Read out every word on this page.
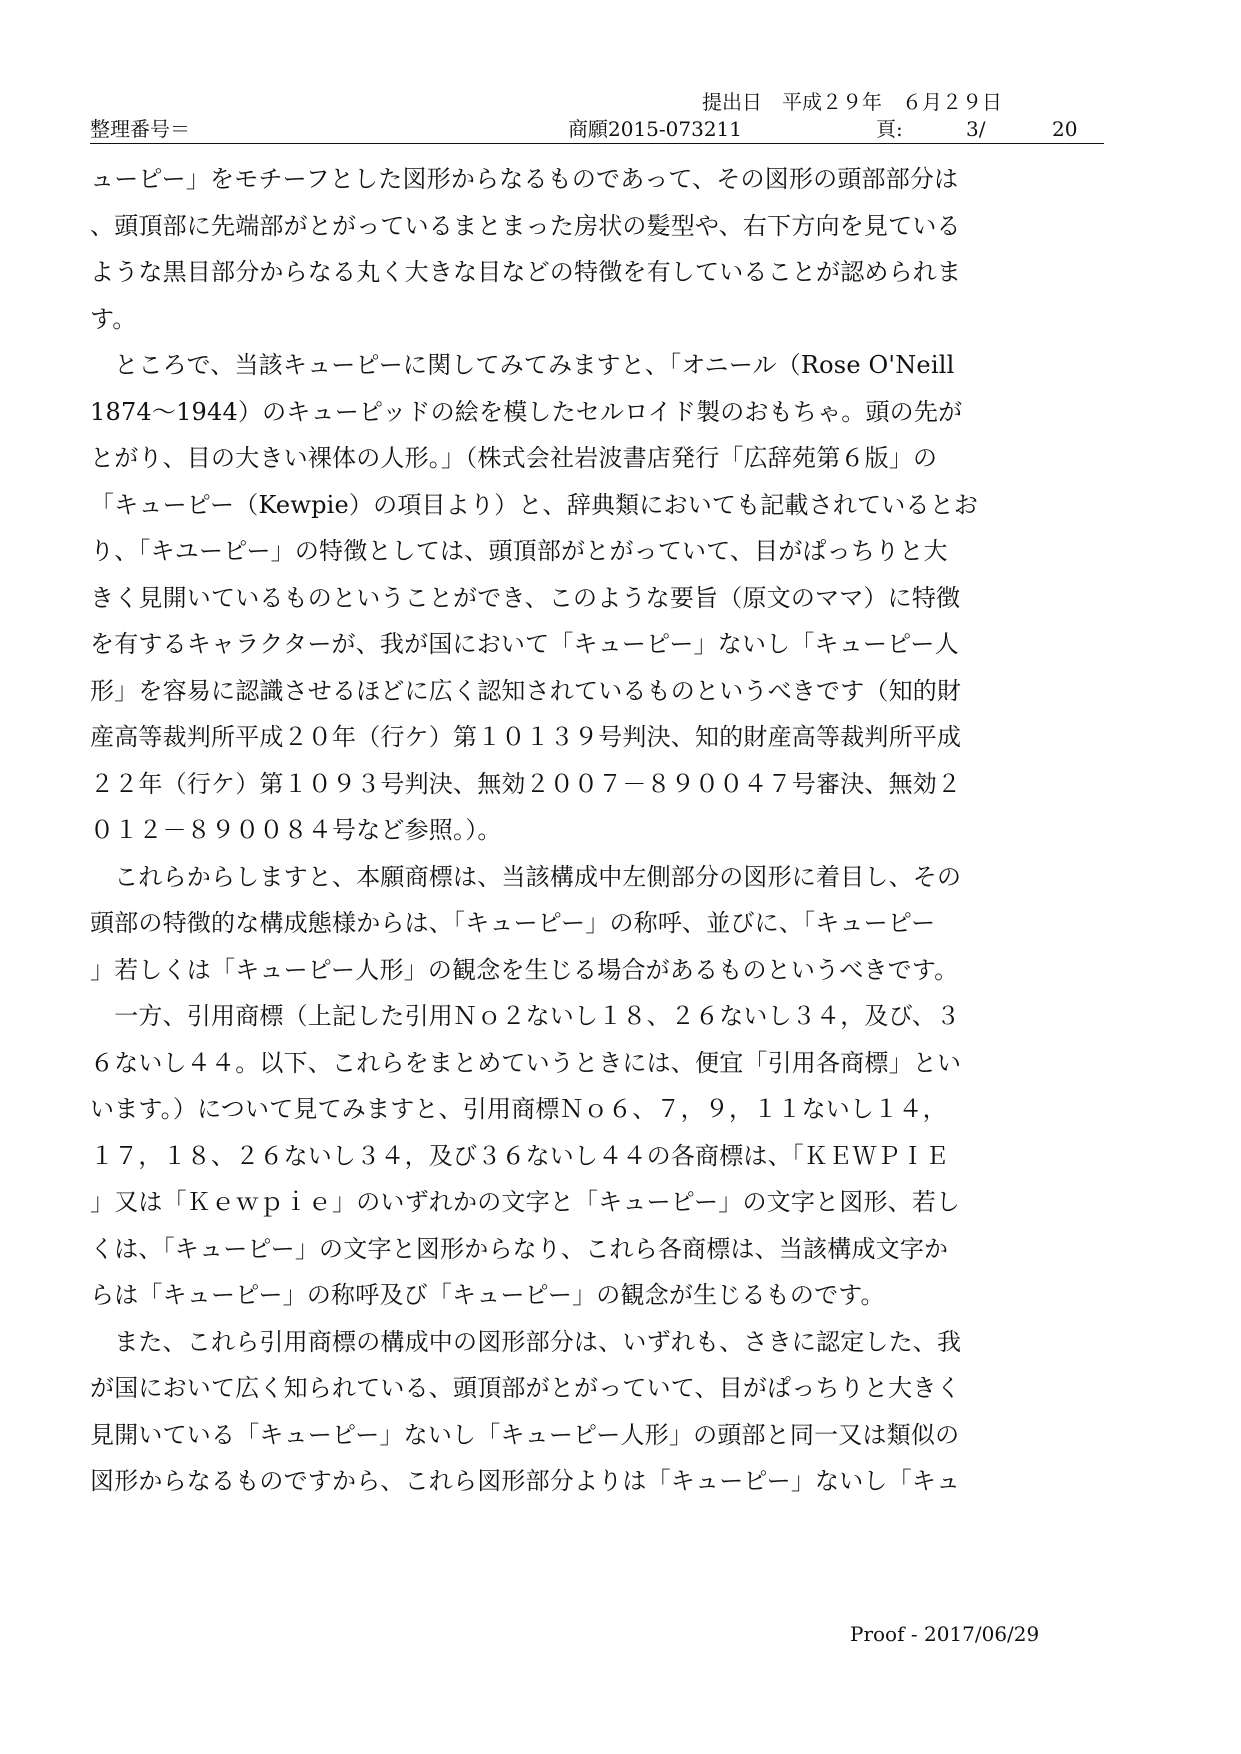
提出日　平成２９年　６月２９日
整理番号＝	商願2015-073211	頁:	3/	20
ューピー」をモチーフとした図形からなるものであって、その図形の頭部部分は
、頭頂部に先端部がとがっているまとまった房状の髪型や、右下方向を見ている
ような黒目部分からなる丸く大きな目などの特徴を有していることが認められま
す。
　ところで、当該キューピーに関してみてみますと、「オニール（Rose O'Neill
1874～1944）のキューピッドの絵を模したセルロイド製のおもちゃ。頭の先が
とがり、目の大きい裸体の人形。」（株式会社岩波書店発行「広辞苑第６版」の
「キューピー（Kewpie）の項目より）と、辞典類においても記載されているとお
り、「キユーピー」の特徴としては、頭頂部がとがっていて、目がぱっちりと大
きく見開いているものということができ、このような要旨（原文のママ）に特徴
を有するキャラクターが、我が国において「キューピー」ないし「キューピー人
形」を容易に認識させるほどに広く認知されているものというべきです（知的財
産高等裁判所平成２０年（行ケ）第１０１３９号判決、知的財産高等裁判所平成
２２年（行ケ）第１０９３号判決、無効２００７－８９００４７号審決、無効２
０１２－８９００８４号など参照。）。
　これらからしますと、本願商標は、当該構成中左側部分の図形に着目し、その
頭部の特徴的な構成態様からは、「キューピー」の称呼、並びに、「キューピー
」若しくは「キューピー人形」の観念を生じる場合があるものというべきです。
　一方、引用商標（上記した引用Ｎｏ２ないし１８、２６ないし３４，及び、３
６ないし４４。以下、これらをまとめていうときには、便宜「引用各商標」とい
います。）について見てみますと、引用商標Ｎｏ６、７，９，１１ないし１４，
１７，１８、２６ないし３４，及び３６ないし４４の各商標は、「ＫＥＷＰＩＥ
」又は「Ｋｅｗｐｉｅ」のいずれかの文字と「キューピー」の文字と図形、若し
くは、「キューピー」の文字と図形からなり、これら各商標は、当該構成文字か
らは「キューピー」の称呼及び「キューピー」の観念が生じるものです。
　また、これら引用商標の構成中の図形部分は、いずれも、さきに認定した、我
が国において広く知られている、頭頂部がとがっていて、目がぱっちりと大きく
見開いている「キューピー」ないし「キューピー人形」の頭部と同一又は類似の
図形からなるものですから、これら図形部分よりは「キューピー」ないし「キュ
Proof - 2017/06/29
